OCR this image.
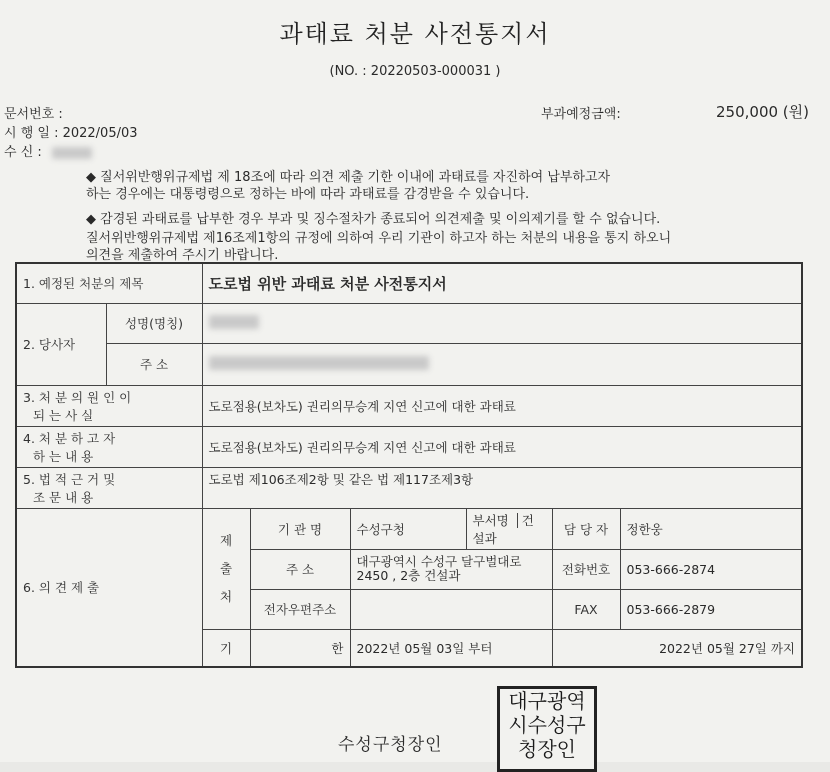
과태료 처분 사전통지서
(NO. : 20220503-000031 )
문서번호 :
시 행 일 : 2022/05/03
수 신 :
부과예정금액:	250,000 (원)
◆ 질서위반행위규제법 제 18조에 따라 의견 제출 기한 이내에 과태료를 자진하여 납부하고자
하는 경우에는 대통령령으로 정하는 바에 따라 과태료를 감경받을 수 있습니다.
◆ 감경된 과태료를 납부한 경우 부과 및 징수절차가 종료되어 의견제출 및 이의제기를 할 수 없습니다.
질서위반행위규제법 제16조제1항의 규정에 의하여 우리 기관이 하고자 하는 처분의 내용을 통지 하오니
의견을 제출하여 주시기 바랍니다.
1. 예정된 처분의 제목		도로법 위반 과태료 처분 사전통지서					
2. 당사자	성명(명칭)						
	주 소						

3. 처 분 의 원 인 이
되 는 사 실		도로점용(보차도) 권리의무승계 지연 신고에 대한 과태료					

4. 처 분 하 고 자
하 는 내 용		도로점용(보차도) 권리의무승계 지연 신고에 대한 과태료					

5. 법 적 근 거 및
조 문 내 용		도로법 제106조제2항 및 같은 법 제117조제3항					
6. 의 견 제 출		제
출
처	기 관 명	수성구청	부서명 건설과	담 당 자	정한웅
			주 소	대구광역시 수성구 달구벌대로 2450 , 2층 건설과		전화번호	053-666-2874
			전자우편주소			FAX	053-666-2879
		기	한	2022년 05월 03일 부터		2022년 05월 27일 까지	
수성구청장인
대구광역
시수성구
청장인
